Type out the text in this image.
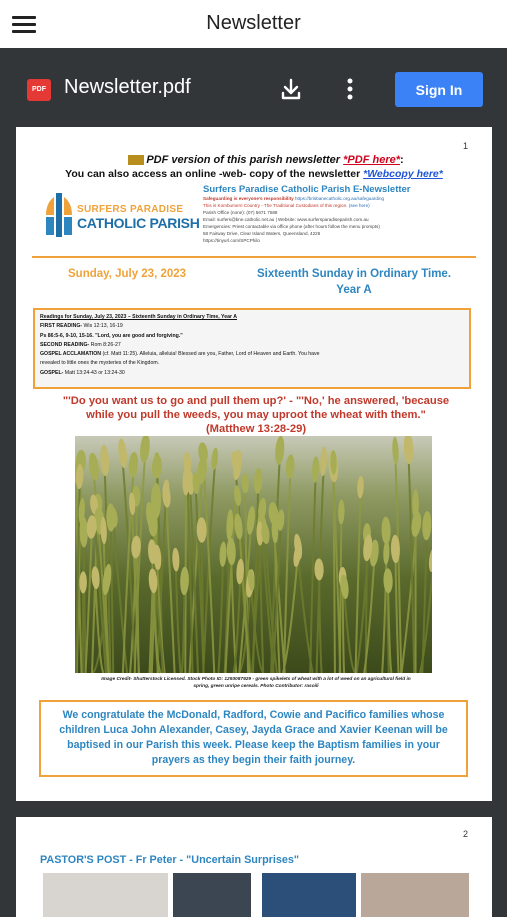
Newsletter
PDF Newsletter.pdf	Sign In
1
PDF version of this parish newsletter *PDF here*:
You can also access an online -web- copy of the newsletter *Webcopy here*
SURFERS PARADISE
CATHOLIC PARISH
Surfers Paradise Catholic Parish E-Newsletter
Safeguarding is everyone's responsibility https://brisbanecatholic.org.au/safeguarding
This is Kombumerri Country - The Traditional Custodians of this region. (see here)
Parish Office (none): (07) 5671 7588
Email: surfers@bne.catholic.net.au | Website: www.surfersparadiseparish.com.au
Emergencies: Priest contactable via office phone (after hours follow the menu prompts)
58 Fairway Drive, Clear Island Waters, Queensland, 4226
https://tinyurl.com/SPCPhilo
Sunday, July 23, 2023	Sixteenth Sunday in Ordinary Time.
Year A
Readings for Sunday, July 23, 2023 – Sixteenth Sunday in Ordinary Time, Year A
FIRST READING- Wis 12:13, 16-19
Ps 86:5-6, 9-10, 15-16. "Lord, you are good and forgiving."
SECOND READING- Rom 8:26-27
GOSPEL ACCLAMATION (cf. Matt 11:25). Alleluia, alleluia! Blessed are you, Father, Lord of Heaven and Earth. You have
revealed to little ones the mysteries of the Kingdom.
GOSPEL- Matt 13:24-43 or 13:24-30
"'Do you want us to go and pull them up?' - "'No,' he answered, 'because
while you pull the weeds, you may uproot the wheat with them."
(Matthew 13:28-29)
Image Credit- Shutterstock Licensed. Stock Photo ID: 1293087929 - green spikelets of wheat with a lot of weed on an agricultural field in
spring, green unripe cereals. Photo Contributor: rasoili
We congratulate the McDonald, Radford, Cowie and Pacifico families whose children Luca John Alexander, Casey, Jayda Grace and Xavier Keenan will be baptised in our Parish this week. Please keep the Baptism families in your prayers as they begin their faith journey.
2
PASTOR'S POST - Fr Peter - "Uncertain Surprises"
